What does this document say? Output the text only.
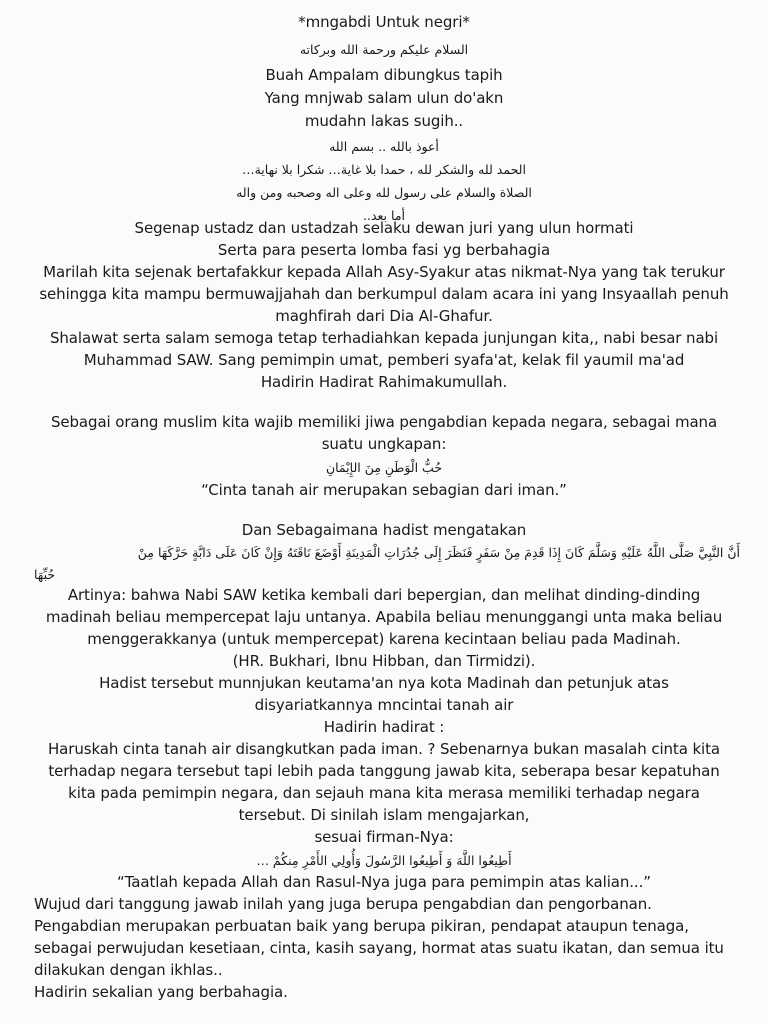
*mngabdi Untuk negri*
السلام عليكم ورحمة الله وبركاته
Buah Ampalam dibungkus tapih
Yang mnjwab salam ulun do'akn
mudahn lakas sugih..
أعوذ بالله .. بسم الله
الحمد لله والشكر لله ، حمدا بلا غاية… شكرا بلا نهاية…
الصلاة والسلام على رسول لله وعلى اله وصحبه ومن واله
أما بعد..
Segenap ustadz dan ustadzah selaku dewan juri yang ulun hormati
Serta para peserta lomba fasi yg berbahagia
Marilah kita sejenak bertafakkur kepada Allah Asy-Syakur atas nikmat-Nya yang tak terukur
sehingga kita mampu bermuwajjahah dan berkumpul dalam acara ini yang Insyaallah penuh
maghfirah dari Dia Al-Ghafur.
Shalawat serta salam semoga tetap terhadiahkan kepada junjungan kita,, nabi besar nabi
Muhammad SAW. Sang pemimpin umat, pemberi syafa'at, kelak fil yaumil ma'ad
Hadirin Hadirat Rahimakumullah.
Sebagai orang muslim kita wajib memiliki jiwa pengabdian kepada negara, sebagai mana
suatu ungkapan:
حُبُّ الْوَطَنِ مِنَ الإِيْمَانِ
“Cinta tanah air merupakan sebagian dari iman.”
Dan Sebagaimana hadist mengatakan
أَنَّ النَّبِيَّ صَلَّى اللَّهُ عَلَيْهِ وَسَلَّمَ كَانَ إِذَا قَدِمَ مِنْ سَفَرٍ فَنَظَرَ إِلَى جُدُرَاتِ الْمَدِينَةِ أَوْضَعَ نَاقَتَهُ وَإِنْ كَانَ عَلَى دَابَّةٍ حَرَّكَهَا مِنْ
حُبِّهَا
Artinya: bahwa Nabi SAW ketika kembali dari bepergian, dan melihat dinding-dinding
madinah beliau mempercepat laju untanya. Apabila beliau menunggangi unta maka beliau
menggerakkanya (untuk mempercepat) karena kecintaan beliau pada Madinah.
(HR. Bukhari, Ibnu Hibban, dan Tirmidzi).
Hadist tersebut munnjukan keutama'an nya kota Madinah dan petunjuk atas
disyariatkannya mncintai tanah air
Hadirin hadirat :
Haruskah cinta tanah air disangkutkan pada iman. ? Sebenarnya bukan masalah cinta kita
terhadap negara tersebut tapi lebih pada tanggung jawab kita, seberapa besar kepatuhan
kita pada pemimpin negara, dan sejauh mana kita merasa memiliki terhadap negara
tersebut. Di sinilah islam mengajarkan,
sesuai firman-Nya:
أَطِيعُوا اللَّهَ وَ أَطِيعُوا الرَّسُولَ وَأُولِي الأَمْرِ مِنكُمْ …
“Taatlah kepada Allah dan Rasul-Nya juga para pemimpin atas kalian...”
Wujud dari tanggung jawab inilah yang juga berupa pengabdian dan pengorbanan.
Pengabdian merupakan perbuatan baik yang berupa pikiran, pendapat ataupun tenaga,
sebagai perwujudan kesetiaan, cinta, kasih sayang, hormat atas suatu ikatan, dan semua itu
dilakukan dengan ikhlas..
Hadirin sekalian yang berbahagia.
